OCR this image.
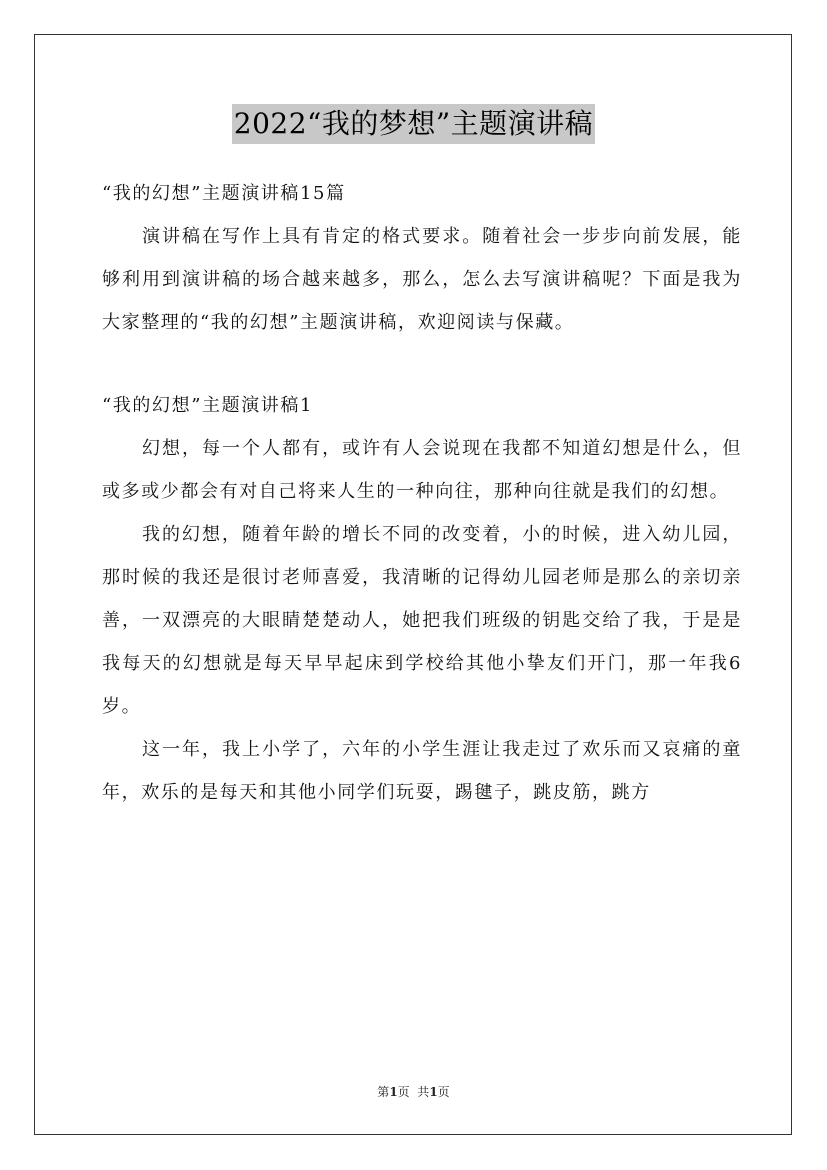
2022“我的梦想”主题演讲稿

“我的幻想”主题演讲稿15篇

演讲稿在写作上具有肯定的格式要求。随着社会一步步向前发展，能够利用到演讲稿的场合越来越多，那么，怎么去写演讲稿呢？下面是我为大家整理的“我的幻想”主题演讲稿，欢迎阅读与保藏。

“我的幻想”主题演讲稿1

幻想，每一个人都有，或许有人会说现在我都不知道幻想是什么，但或多或少都会有对自己将来人生的一种向往，那种向往就是我们的幻想。

我的幻想，随着年龄的增长不同的改变着，小的时候，进入幼儿园，那时候的我还是很讨老师喜爱，我清晰的记得幼儿园老师是那么的亲切亲善，一双漂亮的大眼睛楚楚动人，她把我们班级的钥匙交给了我，于是是我每天的幻想就是每天早早起床到学校给其他小挚友们开门，那一年我6岁。

这一年，我上小学了，六年的小学生涯让我走过了欢乐而又哀痛的童年，欢乐的是每天和其他小同学们玩耍，踢毽子，跳皮筋，跳方

第1页  共1页
